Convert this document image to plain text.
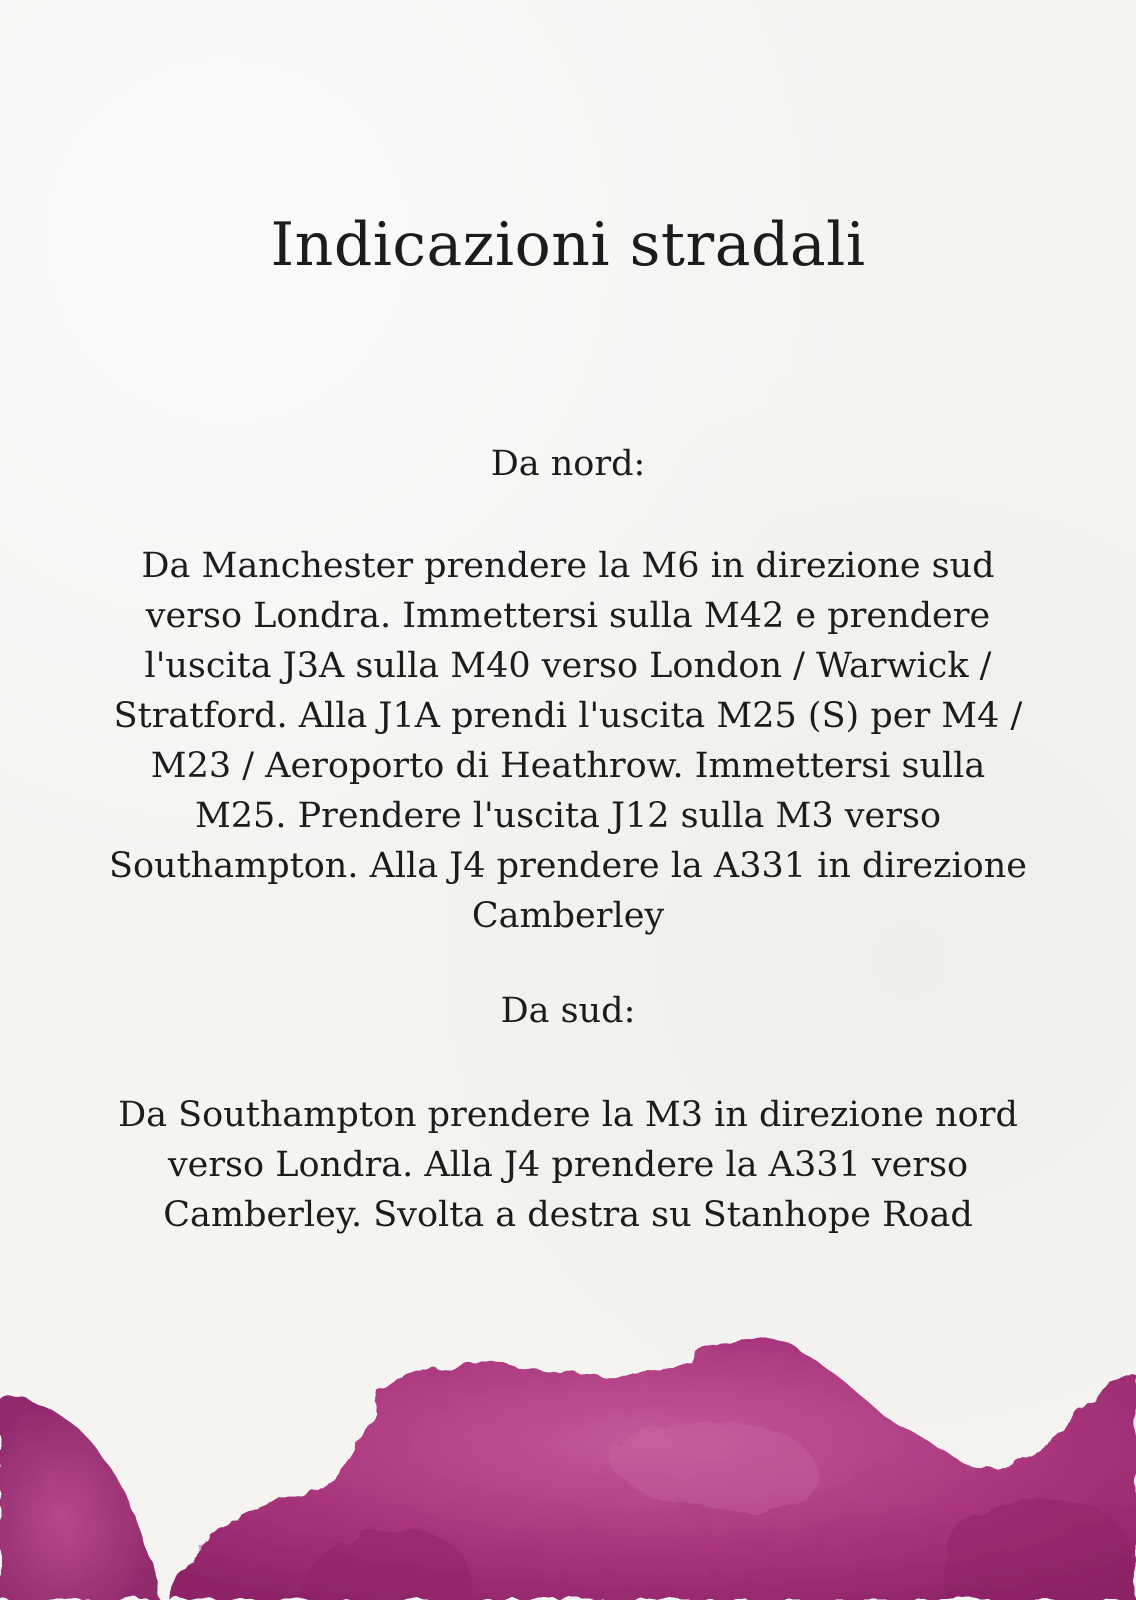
Indicazioni stradali
Da nord:

Da Manchester prendere la M6 in direzione sud verso Londra. Immettersi sulla M42 e prendere l'uscita J3A sulla M40 verso London / Warwick / Stratford. Alla J1A prendi l'uscita M25 (S) per M4 / M23 / Aeroporto di Heathrow. Immettersi sulla M25. Prendere l'uscita J12 sulla M3 verso Southampton. Alla J4 prendere la A331 in direzione Camberley

Da sud:

Da Southampton prendere la M3 in direzione nord verso Londra. Alla J4 prendere la A331 verso Camberley. Svolta a destra su Stanhope Road
